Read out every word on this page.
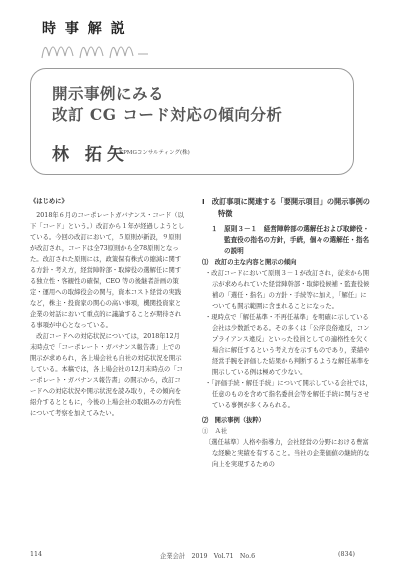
時 事 解 説
開示事例にみる
改訂 CG コード対応の傾向分析
林 拓矢
KPMGコンサルティング(株)

《はじめに》

2018年６月のコーポレートガバナンス・コード（以下「コード」という。）改訂から１年が経過しようとしている。今回の改訂において，５原則が新設，９原則が改訂され，コードは全73原則から全78原則となった。改訂された原則には，政策保有株式の縮減に関する方針・考え方，経営陣幹部・取締役の選解任に関する独立性・客観性の確保，CEO 等の後継者計画の策定・運用への取締役会の関与，資本コスト経営の実践など，株主・投資家の関心の高い事項，機関投資家と企業の対話において重点的に議論することが期待される事項が中心となっている。

改訂コードへの対応状況については，2018年12月末時点で「コーポレート・ガバナンス報告書」上での開示が求められ，各上場会社も自社の対応状況を開示している。本稿では，各上場会社の12月末時点の「コーポレート・ガバナンス報告書」の開示から，改訂コードへの対応状況や開示状況を読み取り，その傾向を紹介するとともに，今後の上場会社の取組みの方向性について考察を加えてみたい。

Ⅰ　改訂事項に関連する「要開示項目」の開示事例の特徴

１　原則３－１　経営陣幹部の選解任および取締役・監査役の指名の方針，手続，個々の選解任・指名の説明

⑴　改訂の主な内容と開示の傾向

・改訂コードにおいて原則３－１が改訂され，従来から開示が求められていた経営陣幹部・取締役候補・監査役候補の「選任・指名」の方針・手続等に加え，「解任」についても開示範囲に含まれることになった。

・現時点で「解任基準・不再任基準」を明確に示している会社は少数派である。その多くは「公序良俗違反，コンプライアンス違反」といった役員としての適格性を欠く場合に解任するという考え方を示すものであり，業績や経営手腕を評価した結果から判断するような解任基準を開示している例は極めて少ない。

・「評価手続・解任手続」について開示している会社では，任意のものを含めて指名委員会等を解任手続に関与させている事例が多くみられる。

⑵　開示事例（抜粋）

①　Ａ社

〔選任基準〕人格や指導力，会社経営の分野における豊富な経験と実績を有すること。当社の企業価値の継続的な向上を実現するための

114	企業会計　2019　Vol.71　No.6	(834)
